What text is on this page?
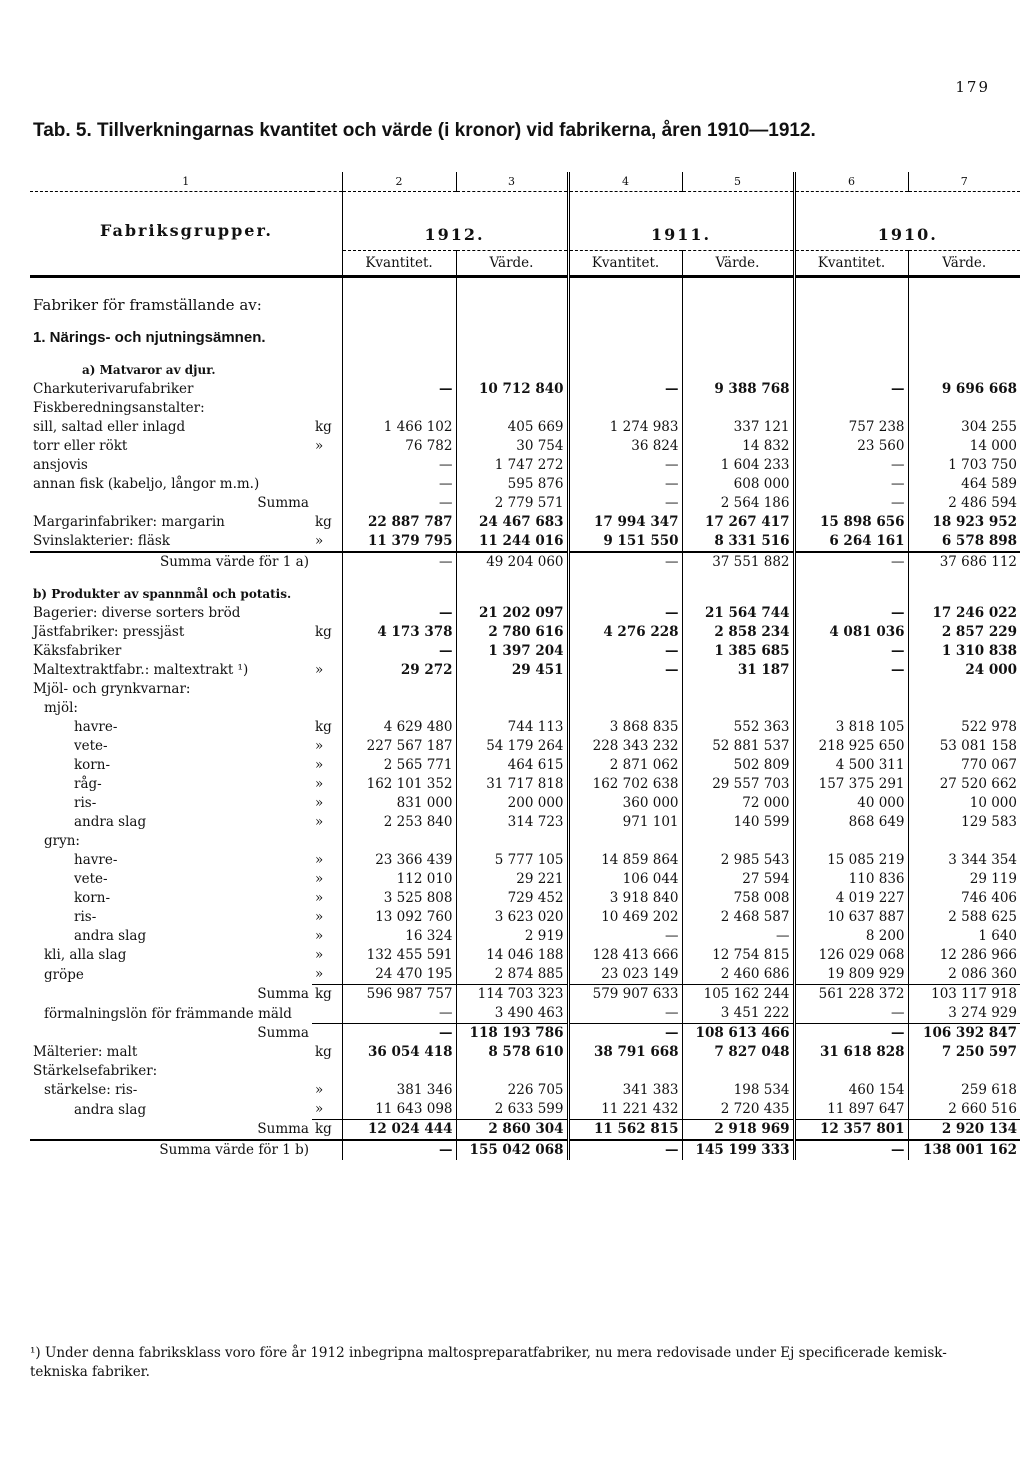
179
Tab. 5. Tillverkningarnas kvantitet och värde (i kronor) vid fabrikerna, åren 1910—1912.
1		2	3	4	5	6	7
Fabriksgrupper.		1912.		1911.		1910.	
		Kvantitet.	Värde.	Kvantitet.	Värde.	Kvantitet.	Värde.

Fabriker för framställande av:							

1. Närings- och njutningsämnen.							

a) Matvaror av djur.							
Charkuterivarufabriker		—	10 712 840	—	9 388 768	—	9 696 668
Fiskberedningsanstalter:							
sill, saltad eller inlagd	kg	1 466 102	405 669	1 274 983	337 121	757 238	304 255
torr eller rökt	»	76 782	30 754	36 824	14 832	23 560	14 000
ansjovis		—	1 747 272	—	1 604 233	—	1 703 750
annan fisk (kabeljo, långor m.m.)		—	595 876	—	608 000	—	464 589
Summa		—	2 779 571	—	2 564 186	—	2 486 594
Margarinfabriker: margarin	kg	22 887 787	24 467 683	17 994 347	17 267 417	15 898 656	18 923 952
Svinslakterier: fläsk	»	11 379 795	11 244 016	9 151 550	8 331 516	6 264 161	6 578 898
Summa värde för 1 a)		—	49 204 060	—	37 551 882	—	37 686 112

b) Produkter av spannmål och potatis.							
Bagerier: diverse sorters bröd		—	21 202 097	—	21 564 744	—	17 246 022
Jästfabriker: pressjäst	kg	4 173 378	2 780 616	4 276 228	2 858 234	4 081 036	2 857 229
Käksfabriker		—	1 397 204	—	1 385 685	—	1 310 838
Maltextraktfabr.: maltextrakt ¹)	»	29 272	29 451	—	31 187	—	24 000
Mjöl- och grynkvarnar:							
mjöl:							
havre-	kg	4 629 480	744 113	3 868 835	552 363	3 818 105	522 978
vete-	»	227 567 187	54 179 264	228 343 232	52 881 537	218 925 650	53 081 158
korn-	»	2 565 771	464 615	2 871 062	502 809	4 500 311	770 067
råg-	»	162 101 352	31 717 818	162 702 638	29 557 703	157 375 291	27 520 662
ris-	»	831 000	200 000	360 000	72 000	40 000	10 000
andra slag	»	2 253 840	314 723	971 101	140 599	868 649	129 583
gryn:							
havre-	»	23 366 439	5 777 105	14 859 864	2 985 543	15 085 219	3 344 354
vete-	»	112 010	29 221	106 044	27 594	110 836	29 119
korn-	»	3 525 808	729 452	3 918 840	758 008	4 019 227	746 406
ris-	»	13 092 760	3 623 020	10 469 202	2 468 587	10 637 887	2 588 625
andra slag	»	16 324	2 919	—	—	8 200	1 640
kli, alla slag	»	132 455 591	14 046 188	128 413 666	12 754 815	126 029 068	12 286 966
gröpe	»	24 470 195	2 874 885	23 023 149	2 460 686	19 809 929	2 086 360
Summa	kg	596 987 757	114 703 323	579 907 633	105 162 244	561 228 372	103 117 918
förmalningslön för främmande mäld		—	3 490 463	—	3 451 222	—	3 274 929
Summa		—	118 193 786	—	108 613 466	—	106 392 847
Mälterier: malt	kg	36 054 418	8 578 610	38 791 668	7 827 048	31 618 828	7 250 597
Stärkelsefabriker:							
stärkelse: ris-	»	381 346	226 705	341 383	198 534	460 154	259 618
andra slag	»	11 643 098	2 633 599	11 221 432	2 720 435	11 897 647	2 660 516
Summa	kg	12 024 444	2 860 304	11 562 815	2 918 969	12 357 801	2 920 134
Summa värde för 1 b)		—	155 042 068	—	145 199 333	—	138 001 162
¹) Under denna fabriksklass voro före år 1912 inbegripna maltospreparatfabriker, nu mera redovisade under Ej specificerade kemisk-tekniska fabriker.
